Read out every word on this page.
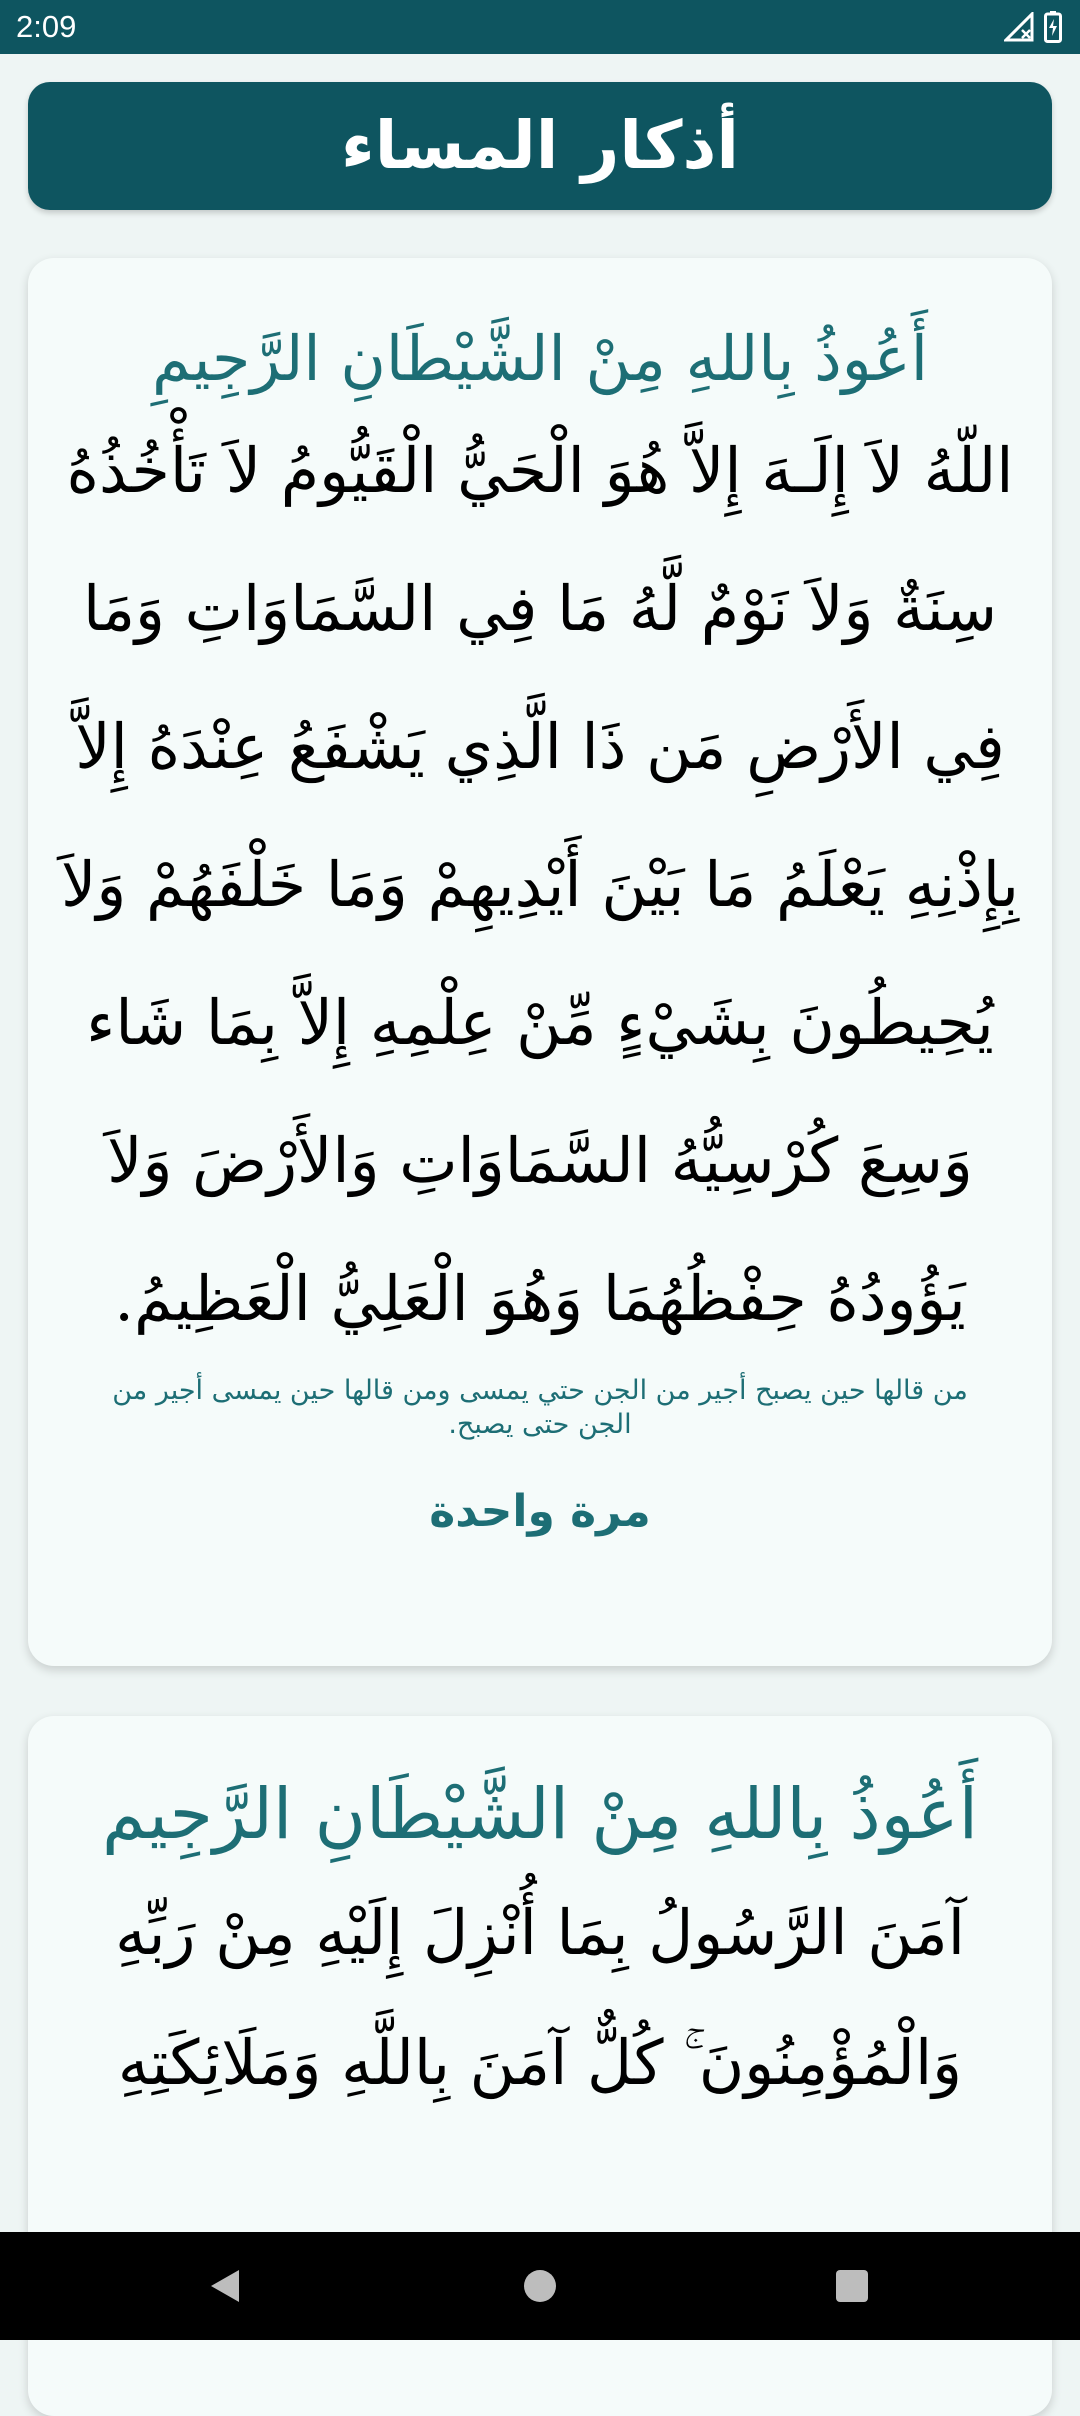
2:09
أذكار المساء
أَعُوذُ بِاللهِ مِنْ الشَّيْطَانِ الرَّجِيمِ
اللّهُ لاَ إِلَـهَ إِلاَّ هُوَ الْحَيُّ الْقَيُّومُ لاَ تَأْخُذُهُ سِنَةٌ وَلاَ نَوْمٌ لَّهُ مَا فِي السَّمَاوَاتِ وَمَا فِي الأَرْضِ مَن ذَا الَّذِي يَشْفَعُ عِنْدَهُ إِلاَّ بِإِذْنِهِ يَعْلَمُ مَا بَيْنَ أَيْدِيهِمْ وَمَا خَلْفَهُمْ وَلاَ يُحِيطُونَ بِشَيْءٍ مِّنْ عِلْمِهِ إِلاَّ بِمَا شَاء وَسِعَ كُرْسِيُّهُ السَّمَاوَاتِ وَالأَرْضَ وَلاَ يَؤُودُهُ حِفْظُهُمَا وَهُوَ الْعَلِيُّ الْعَظِيمُ.
من قالها حين يصبح أجير من الجن حتي يمسى ومن قالها حين يمسى أجير من الجن حتى يصبح.
مرة واحدة
أَعُوذُ بِاللهِ مِنْ الشَّيْطَانِ الرَّجِيم
آمَنَ الرَّسُولُ بِمَا أُنْزِلَ إِلَيْهِ مِنْ رَبِّهِ وَالْمُؤْمِنُونَ ۚ كُلٌّ آمَنَ بِاللَّهِ وَمَلَائِكَتِهِ
